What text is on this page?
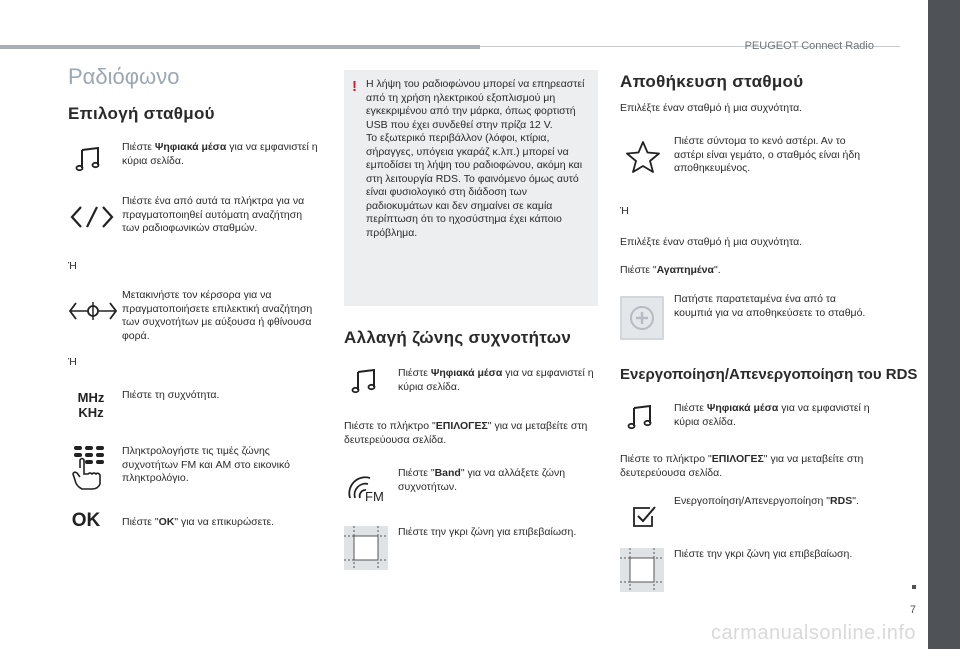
PEUGEOT Connect Radio
7
carmanualsonline.info
Ραδιόφωνο
Επιλογή σταθμού
Πιέστε Ψηφιακά μέσα για να εμφανιστεί η κύρια σελίδα.
Πιέστε ένα από αυτά τα πλήκτρα για να πραγματοποιηθεί αυτόματη αναζήτηση των ραδιοφωνικών σταθμών.
Ή
Μετακινήστε τον κέρσορα για να πραγματοποιήσετε επιλεκτική αναζήτηση των συχνοτήτων με αύξουσα ή φθίνουσα φορά.
Ή
MHz
KHz
Πιέστε τη συχνότητα.
Πληκτρολογήστε τις τιμές ζώνης συχνοτήτων FM και AM στο εικονικό πληκτρολόγιο.
OK	Πιέστε "OK" για να επικυρώσετε.
! Η λήψη του ραδιοφώνου μπορεί να επηρεαστεί από τη χρήση ηλεκτρικού εξοπλισμού μη εγκεκριμένου από την μάρκα, όπως φορτιστή USB που έχει συνδεθεί στην πρίζα 12 V.
Το εξωτερικό περιβάλλον (λόφοι, κτίρια, σήραγγες, υπόγεια γκαράζ κ.λπ.) μπορεί να εμποδίσει τη λήψη του ραδιοφώνου, ακόμη και στη λειτουργία RDS. Το φαινόμενο όμως αυτό είναι φυσιολογικό στη διάδοση των ραδιοκυμάτων και δεν σημαίνει σε καμία περίπτωση ότι το ηχοσύστημα έχει κάποιο πρόβλημα.
Αλλαγή ζώνης συχνοτήτων
Πιέστε Ψηφιακά μέσα για να εμφανιστεί η κύρια σελίδα.
Πιέστε το πλήκτρο "ΕΠΙΛΟΓΕΣ" για να μεταβείτε στη δευτερεύουσα σελίδα.
FM
Πιέστε "Band" για να αλλάξετε ζώνη συχνοτήτων.
Πιέστε την γκρι ζώνη για επιβεβαίωση.
Αποθήκευση σταθμού
Επιλέξτε έναν σταθμό ή μια συχνότητα.
Πιέστε σύντομα το κενό αστέρι. Αν το αστέρι είναι γεμάτο, ο σταθμός είναι ήδη αποθηκευμένος.
Ή
Επιλέξτε έναν σταθμό ή μια συχνότητα.
Πιέστε "Αγαπημένα".
Πατήστε παρατεταμένα ένα από τα κουμπιά για να αποθηκεύσετε το σταθμό.
Ενεργοποίηση/Απενεργοποίηση του RDS
Πιέστε Ψηφιακά μέσα για να εμφανιστεί η κύρια σελίδα.
Πιέστε το πλήκτρο "ΕΠΙΛΟΓΕΣ" για να μεταβείτε στη δευτερεύουσα σελίδα.
Ενεργοποίηση/Απενεργοποίηση "RDS".
Πιέστε την γκρι ζώνη για επιβεβαίωση.
